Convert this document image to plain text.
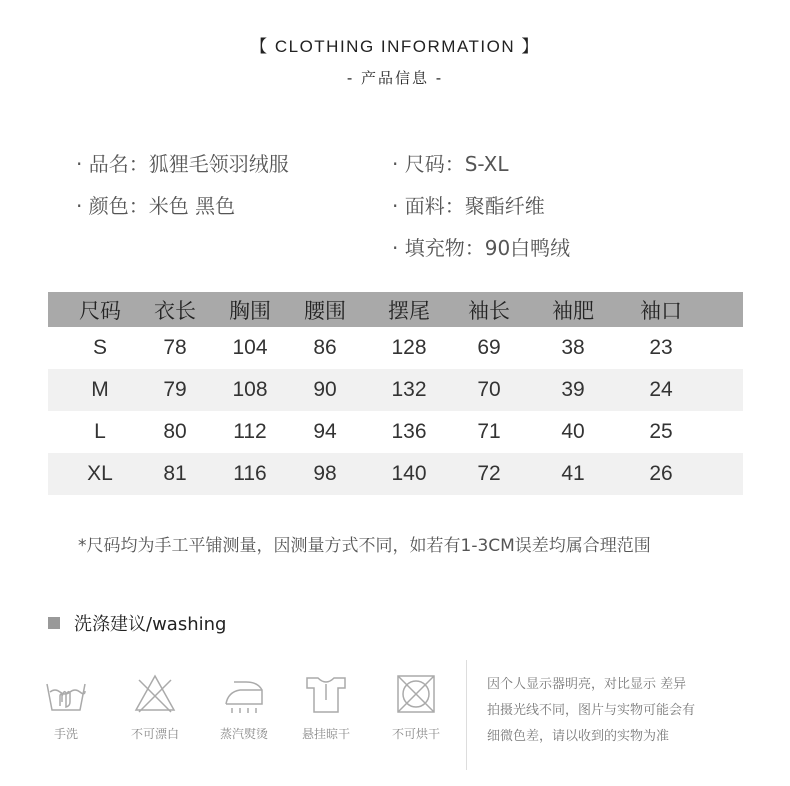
【 CLOTHING INFORMATION 】
- 产品信息 -
· 品名：狐狸毛领羽绒服
· 颜色：米色 黑色
· 尺码：S-XL
· 面料：聚酯纤维
· 填充物：90白鸭绒
尺码	衣长	胸围	腰围	摆尾	袖长	袖肥	袖口
S	78	104	86	128	69	38	23
M	79	108	90	132	70	39	24
L	80	112	94	136	71	40	25
XL	81	116	98	140	72	41	26
*尺码均为手工平铺测量，因测量方式不同，如若有1-3CM误差均属合理范围
洗涤建议/washing
手洗	不可漂白	蒸汽熨烫	悬挂晾干	不可烘干
因个人显示器明亮，对比显示 差异
拍摄光线不同，图片与实物可能会有
细微色差，请以收到的实物为准
